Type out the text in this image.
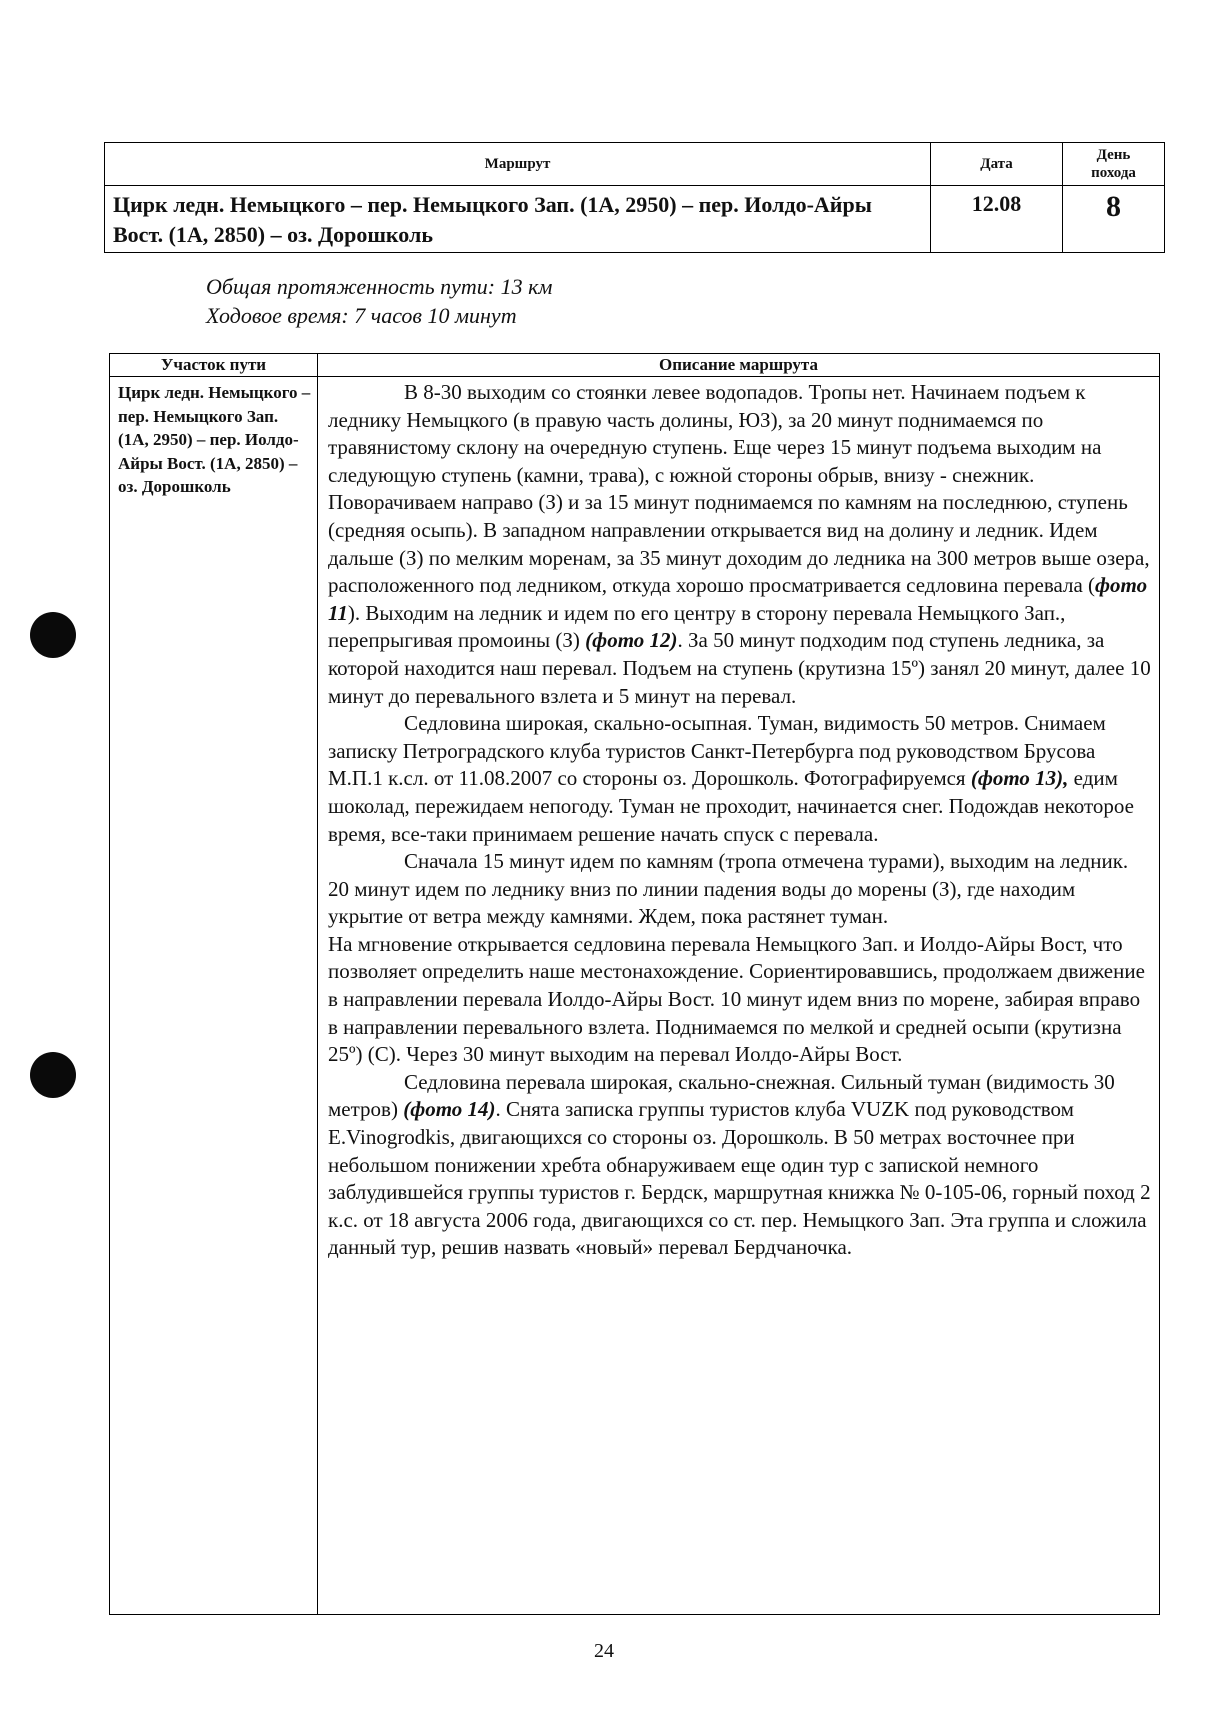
Маршрут	Дата	День похода
Цирк ледн. Немыцкого – пер. Немыцкого Зап. (1А, 2950) – пер. Иолдо-Айры Вост. (1А, 2850) – оз. Дорошколь	12.08	8
Общая протяженность пути: 13 км
Ходовое время: 7 часов 10 минут
Участок пути	Описание маршрута
Цирк ледн. Немыцкого – пер. Немыцкого Зап. (1А, 2950) – пер. Иолдо-Айры Вост. (1А, 2850) – оз. Дорошколь	В 8-30 выходим со стоянки левее водопадов. Тропы нет. Начинаем подъем к леднику Немыцкого (в правую часть долины, ЮЗ), за 20 минут поднимаемся по травянистому склону на очередную ступень. Еще через 15 минут подъема выходим на следующую ступень (камни, трава), с южной стороны обрыв, внизу - снежник. Поворачиваем направо (З) и за 15 минут поднимаемся по камням на последнюю, ступень (средняя осыпь). В западном направлении открывается вид на долину и ледник. Идем дальше (З) по мелким моренам, за 35 минут доходим до ледника на 300 метров выше озера, расположенного под ледником, откуда хорошо просматривается седловина перевала (фото 11). Выходим на ледник и идем по его центру в сторону перевала Немыцкого Зап., перепрыгивая промоины (З) (фото 12). За 50 минут подходим под ступень ледника, за которой находится наш перевал. Подъем на ступень (крутизна 15º) занял 20 минут, далее 10 минут до перевального взлета и 5 минут на перевал.

Седловина широкая, скально-осыпная. Туман, видимость 50 метров. Снимаем записку Петроградского клуба туристов Санкт-Петербурга под руководством Брусова М.П.1 к.сл. от 11.08.2007 со стороны оз. Дорошколь. Фотографируемся (фото 13), едим шоколад, пережидаем непогоду. Туман не проходит, начинается снег. Подождав некоторое время, все-таки принимаем решение начать спуск с перевала.

Сначала 15 минут идем по камням (тропа отмечена турами), выходим на ледник. 20 минут идем по леднику вниз по линии падения воды до морены (З), где находим укрытие от ветра между камнями. Ждем, пока растянет туман.

На мгновение открывается седловина перевала Немыцкого Зап. и Иолдо-Айры Вост, что позволяет определить наше местонахождение. Сориентировавшись, продолжаем движение в направлении перевала Иолдо-Айры Вост. 10 минут идем вниз по морене, забирая вправо в направлении перевального взлета. Поднимаемся по мелкой и средней осыпи (крутизна 25º) (С). Через 30 минут выходим на перевал Иолдо-Айры Вост.

Седловина перевала широкая, скально-снежная. Сильный туман (видимость 30 метров) (фото 14). Снята записка группы туристов клуба VUZK под руководством E.Vinogrodkis, двигающихся со стороны оз. Дорошколь. В 50 метрах восточнее при небольшом понижении хребта обнаруживаем еще один тур с запиской немного заблудившейся группы туристов г. Бердск, маршрутная книжка № 0-105-06, горный поход 2 к.с. от 18 августа 2006 года, двигающихся со ст. пер. Немыцкого Зап. Эта группа и сложила данный тур, решив назвать «новый» перевал Бердчаночка.

24
